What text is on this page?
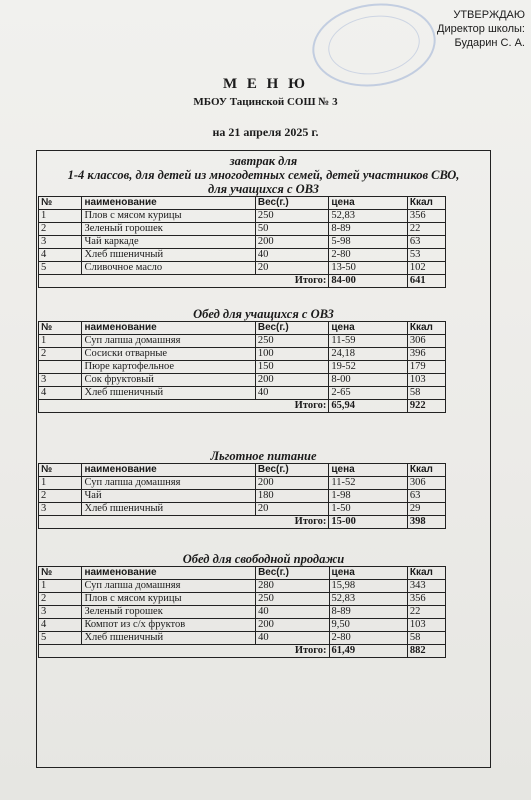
УТВЕРЖДАЮ
Директор школы:
Бударин С. А.
М Е Н Ю
МБОУ Тацинской СОШ № 3
на 21 апреля 2025 г.
завтрак для
1-4 классов, для детей из многодетных семей, детей участников СВО,
для учащихся с ОВЗ
№	наименование	Вес(г.)	цена	Ккал
1	Плов с мясом курицы	250	52,83	356
2	Зеленый горошек	50	8-89	22
3	Чай каркаде	200	5-98	63
4	Хлеб пшеничный	40	2-80	53
5	Сливочное масло	20	13-50	102
Итого:			84-00	641
Обед для учащихся с ОВЗ
№	наименование	Вес(г.)	цена	Ккал
1	Суп лапша домашняя	250	11-59	306
2	Сосиски отварные	100	24,18	396
	Пюре картофельное	150	19-52	179
3	Сок фруктовый	200	8-00	103
4	Хлеб пшеничный	40	2-65	58
Итого:			65,94	922
Льготное питание
№	наименование	Вес(г.)	цена	Ккал
1	Суп лапша домашняя	200	11-52	306
2	Чай	180	1-98	63
3	Хлеб пшеничный	20	1-50	29
Итого:			15-00	398
Обед для свободной продажи
№	наименование	Вес(г.)	цена	Ккал
1	Суп лапша домашняя	280	15,98	343
2	Плов с мясом курицы	250	52,83	356
3	Зеленый горошек	40	8-89	22
4	Компот из с/х фруктов	200	9,50	103
5	Хлеб пшеничный	40	2-80	58
Итого:			61,49	882
